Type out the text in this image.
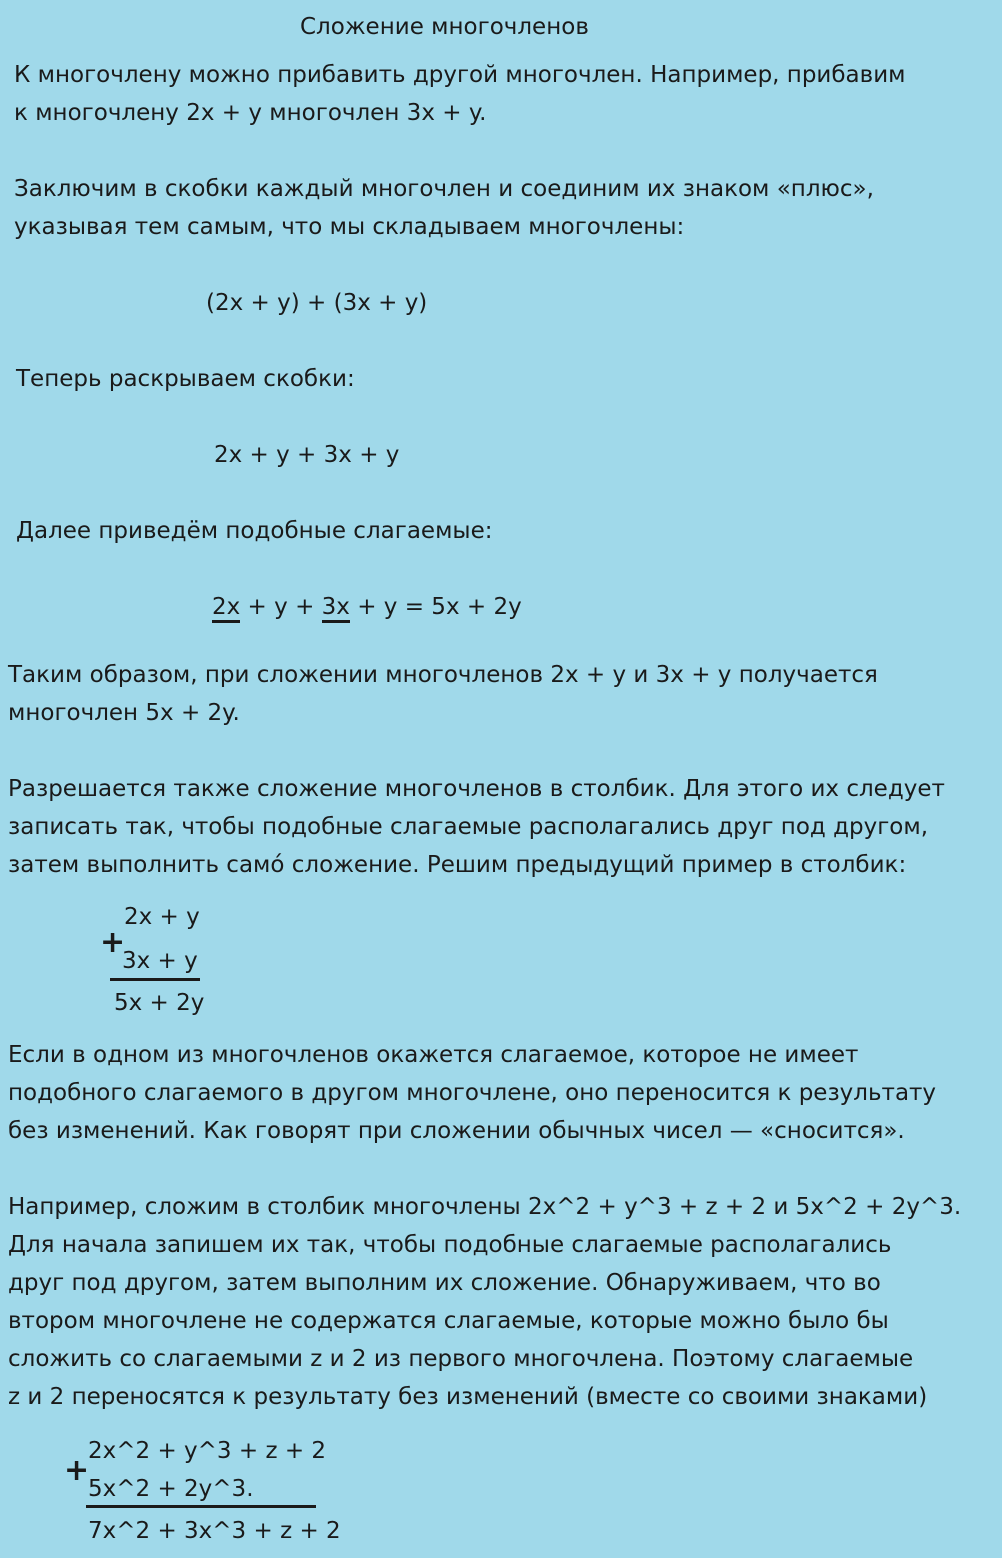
Сложение многочленов

К многочлену можно прибавить другой многочлен. Например, прибавим

к многочлену 2x + y многочлен 3x + y.

Заключим в скобки каждый многочлен и соединим их знаком «плюс»,

указывая тем самым, что мы складываем многочлены:

(2x + y) + (3x + y)

Теперь раскрываем скобки:

2x + y + 3x + y

Далее приведём подобные слагаемые:

2x + y + 3x + y = 5x + 2y

Таким образом, при сложении многочленов 2x + y и 3x + y получается

многочлен 5x + 2y.

Разрешается также сложение многочленов в столбик. Для этого их следует

записать так, чтобы подобные слагаемые располагались друг под другом,

затем выполнить само́ сложение. Решим предыдущий пример в столбик:

2x + y

+

3x + y

5x + 2y

Если в одном из многочленов окажется слагаемое, которое не имеет

подобного слагаемого в другом многочлене, оно переносится к результату

без изменений. Как говорят при сложении обычных чисел — «сносится».

Например, сложим в столбик многочлены 2x^2 + y^3 + z + 2 и 5x^2 + 2y^3.

Для начала запишем их так, чтобы подобные слагаемые располагались

друг под другом, затем выполним их сложение. Обнаруживаем, что во

втором многочлене не содержатся слагаемые, которые можно было бы

сложить со слагаемыми z и 2 из первого многочлена. Поэтому слагаемые

z и 2 переносятся к результату без изменений (вместе со своими знаками)

2x^2 + y^3 + z + 2

+

5x^2 + 2y^3.

7x^2 + 3x^3 + z + 2
